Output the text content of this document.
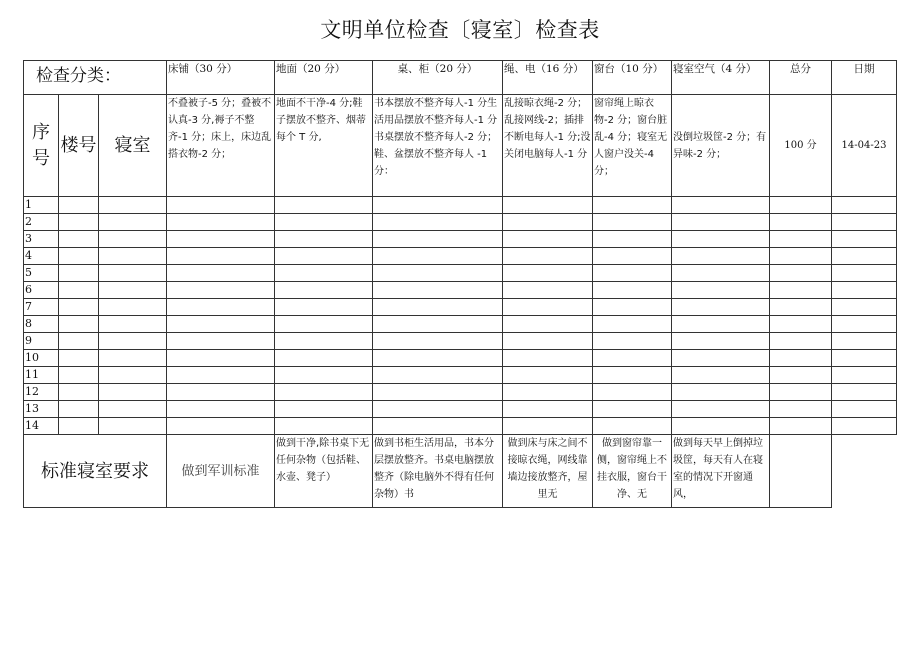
文明单位检查〔寝室〕检查表
检查分类：			床铺（30 分）	地面（20 分）	桌、柜（20 分）	绳、电（16 分）	窗台（10 分）	寝室空气（4 分）	总分	日期
序号	楼号	寝室	不叠被子-5 分；叠被不认真-3 分,褥子不整齐-1 分；床上，床边乱搭衣物-2 分；	地面不干净-4 分;鞋子摆放不整齐、烟蒂每个 T 分,	书本摆放不整齐每人-1 分生活用品摆放不整齐每人-1 分书桌摆放不整齐每人-2 分；鞋、盆摆放不整齐每人 -1 分：	乱接晾衣绳-2 分；乱接网线-2；插排不断电每人-1 分;没关闭电脑每人-1 分	窗帘绳上晾衣物-2 分；窗台脏乱-4 分；寝室无人窗户没关-4 分；	没倒垃圾筐-2 分；有异味-2 分；	100 分	14-04-23
1										
2										
3										
4										
5										
6										
7										
8										
9										
10										
11										
12										
13										
14										
标准寝室要求			做到军训标准	做到干净,除书桌下无任何杂物（包括鞋、水壶、凳子）	做到书柜生活用品，书本分层摆放整齐。书桌电脑摆放整齐（除电脑外不得有任何杂物）书	做到床与床之间不接晾衣绳，网线靠墙边接放整齐，屋里无	做到窗帘靠一侧，窗帘绳上不挂衣服，窗台干净、无	做到每天早上倒掉垃圾筐，每天有人在寝室的情况下开窗通风，		
